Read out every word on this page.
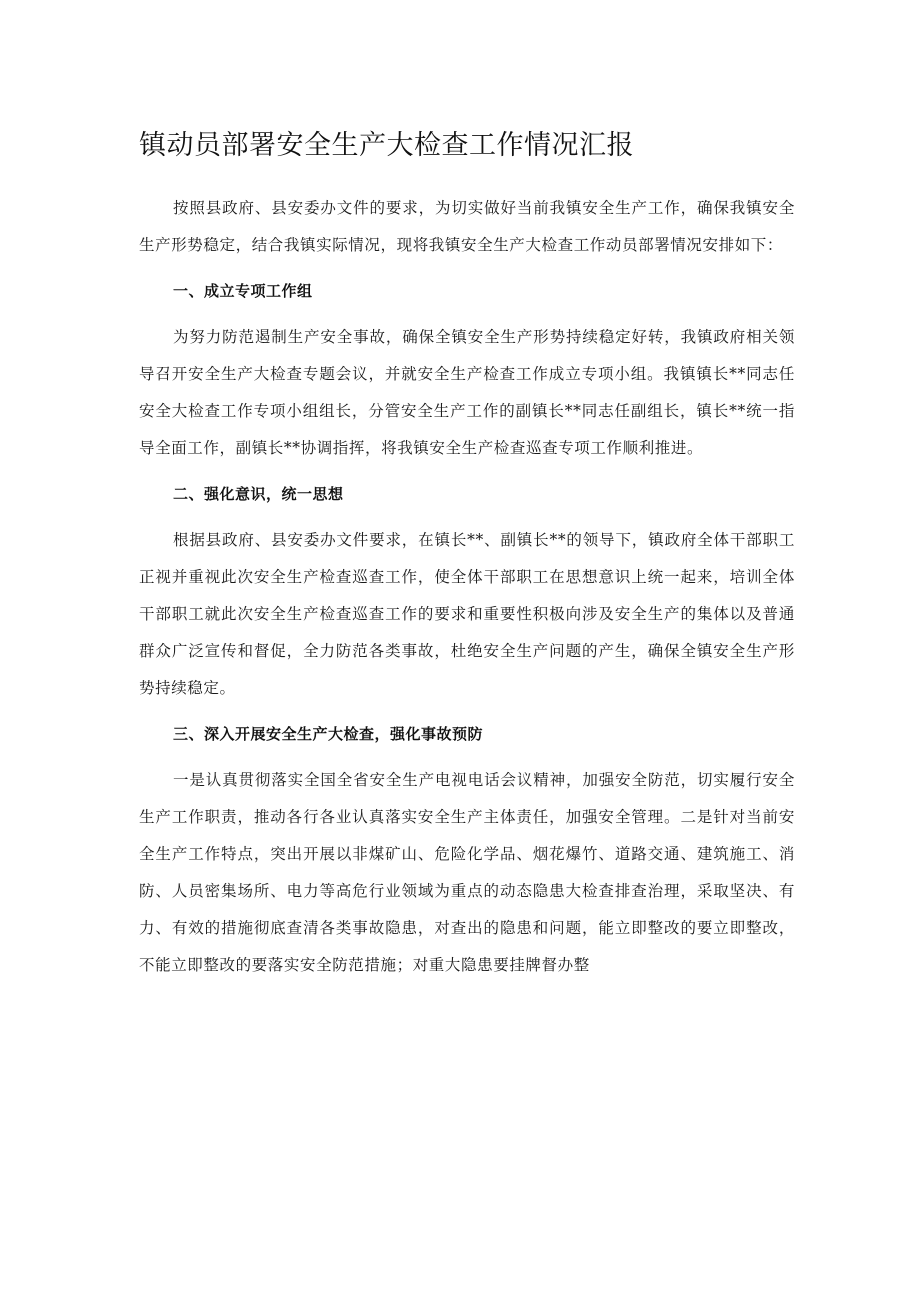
镇动员部署安全生产大检查工作情况汇报

按照县政府、县安委办文件的要求，为切实做好当前我镇安全生产工作，确保我镇安全生产形势稳定，结合我镇实际情况，现将我镇安全生产大检查工作动员部署情况安排如下：

一、成立专项工作组

为努力防范遏制生产安全事故，确保全镇安全生产形势持续稳定好转，我镇政府相关领导召开安全生产大检查专题会议，并就安全生产检查工作成立专项小组。我镇镇长**同志任安全大检查工作专项小组组长，分管安全生产工作的副镇长**同志任副组长，镇长**统一指导全面工作，副镇长**协调指挥，将我镇安全生产检查巡查专项工作顺利推进。

二、强化意识，统一思想

根据县政府、县安委办文件要求，在镇长**、副镇长**的领导下，镇政府全体干部职工正视并重视此次安全生产检查巡查工作，使全体干部职工在思想意识上统一起来，培训全体干部职工就此次安全生产检查巡查工作的要求和重要性积极向涉及安全生产的集体以及普通群众广泛宣传和督促，全力防范各类事故，杜绝安全生产问题的产生，确保全镇安全生产形势持续稳定。

三、深入开展安全生产大检查，强化事故预防

一是认真贯彻落实全国全省安全生产电视电话会议精神，加强安全防范，切实履行安全生产工作职责，推动各行各业认真落实安全生产主体责任，加强安全管理。二是针对当前安全生产工作特点，突出开展以非煤矿山、危险化学品、烟花爆竹、道路交通、建筑施工、消防、人员密集场所、电力等高危行业领域为重点的动态隐患大检查排查治理，采取坚决、有力、有效的措施彻底查清各类事故隐患，对查出的隐患和问题，能立即整改的要立即整改，不能立即整改的要落实安全防范措施；对重大隐患要挂牌督办整
